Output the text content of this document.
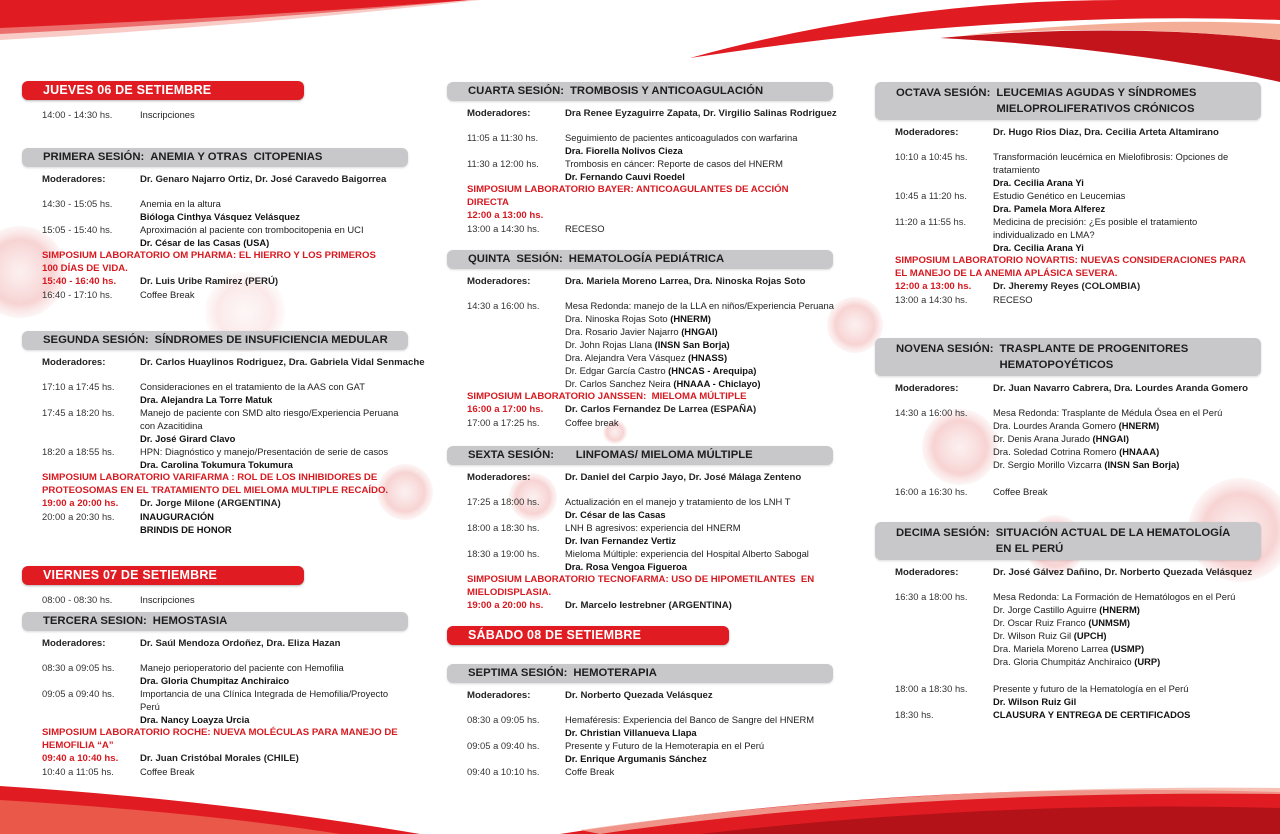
JUEVES 06 DE SETIEMBRE
14:00 - 14:30 hs.	Inscripciones
PRIMERA SESIÓN: ANEMIA Y OTRAS  CITOPENIAS
Moderadores:	Dr. Genaro Najarro Ortiz, Dr. José Caravedo Baigorrea
14:30 - 15:05 hs.	Anemia en la altura
Bióloga Cinthya Vásquez Velásquez
15:05 - 15:40 hs.	Aproximación al paciente con trombocitopenia en UCI
Dr. César de las Casas (USA)
SIMPOSIUM LABORATORIO OM PHARMA: EL HIERRO Y LOS PRIMEROS
100 DÍAS DE VIDA.
15:40 - 16:40 hs.	Dr. Luis Uribe Ramirez (PERÚ)
16:40 - 17:10 hs.	Coffee Break
SEGUNDA SESIÓN: SÍNDROMES DE INSUFICIENCIA MEDULAR
Moderadores:	Dr. Carlos Huaylinos Rodriguez, Dra. Gabriela Vidal Senmache
17:10 a 17:45 hs.	Consideraciones en el tratamiento de la AAS con GAT
Dra. Alejandra La Torre Matuk
17:45 a 18:20 hs.	Manejo de paciente con SMD alto riesgo/Experiencia Peruana
con Azacitidina
Dr. José Girard Clavo
18:20 a 18:55 hs.	HPN: Diagnóstico y manejo/Presentación de serie de casos
Dra. Carolina Tokumura Tokumura
SIMPOSIUM LABORATORIO VARIFARMA : ROL DE LOS INHIBIDORES DE
PROTEOSOMAS EN EL TRATAMIENTO DEL MIELOMA MULTIPLE RECAÍDO.
19:00 a 20:00 hs.	Dr. Jorge Milone (ARGENTINA)
20:00 a 20:30 hs.	INAUGURACIÓN
BRINDIS DE HONOR
VIERNES 07 DE SETIEMBRE
08:00 - 08:30 hs.	Inscripciones
TERCERA SESION: HEMOSTASIA
Moderadores:	Dr. Saúl Mendoza Ordoñez, Dra. Eliza Hazan
08:30 a 09:05 hs.	Manejo perioperatorio del paciente con Hemofilia
Dra. Gloria Chumpitaz Anchiraico
09:05 a 09:40 hs.	Importancia de una Clínica Integrada de Hemofilia/Proyecto
Perú
Dra. Nancy Loayza Urcia
SIMPOSIUM LABORATORIO ROCHE: NUEVA MOLÉCULAS PARA MANEJO DE
HEMOFILIA “A”
09:40 a 10:40 hs.	Dr. Juan Cristóbal Morales (CHILE)
10:40 a 11:05 hs.	Coffee Break
CUARTA SESIÓN: TROMBOSIS Y ANTICOAGULACIÓN
Moderadores:	Dra Renee Eyzaguirre Zapata, Dr. Virgilio Salinas Rodriguez
11:05 a 11:30 hs.	Seguimiento de pacientes anticoagulados con warfarina
Dra. Fiorella Nolivos Cieza
11:30 a 12:00 hs.	Trombosis en cáncer: Reporte de casos del HNERM
Dr. Fernando Cauvi Roedel
SIMPOSIUM LABORATORIO BAYER: ANTICOAGULANTES DE ACCIÓN
DIRECTA
12:00 a 13:00 hs.
13:00 a 14:30 hs.	RECESO
QUINTA  SESIÓN: HEMATOLOGÍA PEDIÁTRICA
Moderadores:	Dra. Mariela Moreno Larrea, Dra. Ninoska Rojas Soto
14:30 a 16:00 hs.	Mesa Redonda: manejo de la LLA en niños/Experiencia Peruana
Dra. Ninoska Rojas Soto (HNERM)
Dra. Rosario Javier Najarro (HNGAI)
Dr. John Rojas Llana (INSN San Borja)
Dra. Alejandra Vera Vásquez (HNASS)
Dr. Edgar García Castro (HNCAS - Arequipa)
Dr. Carlos Sanchez Neira (HNAAA - Chiclayo)
SIMPOSIUM LABORATORIO JANSSEN:  MIELOMA MÚLTIPLE
16:00 a 17:00 hs.	Dr. Carlos Fernandez De Larrea (ESPAÑA)
17:00 a 17:25 hs.	Coffee break
SEXTA SESIÓN: LINFOMAS/ MIELOMA MÚLTIPLE
Moderadores:	Dr. Daniel del Carpio Jayo, Dr. José Málaga Zenteno
17:25 a 18:00 hs.	Actualización en el manejo y tratamiento de los LNH T
Dr. César de las Casas
18:00 a 18:30 hs.	LNH B agresivos: experiencia del HNERM
Dr. Ivan Fernandez Vertiz
18:30 a 19:00 hs.	Mieloma Múltiple: experiencia del Hospital Alberto Sabogal
Dra. Rosa Vengoa Figueroa
SIMPOSIUM LABORATORIO TECNOFARMA: USO DE HIPOMETILANTES  EN
MIELODISPLASIA.
19:00 a 20:00 hs.	Dr. Marcelo Iestrebner (ARGENTINA)
SÁBADO 08 DE SETIEMBRE
SEPTIMA SESIÓN: HEMOTERAPIA
Moderadores:	Dr. Norberto Quezada Velásquez
08:30 a 09:05 hs.	Hemaféresis: Experiencia del Banco de Sangre del HNERM
Dr. Christian Villanueva Llapa
09:05 a 09:40 hs.	Presente y Futuro de la Hemoterapia en el Perú
Dr. Enrique Argumanis Sánchez
09:40 a 10:10 hs.	Coffe Break
OCTAVA SESIÓN: LEUCEMIAS AGUDAS Y SÍNDROMES
MIELOPROLIFERATIVOS CRÓNICOS
Moderadores:	Dr. Hugo Rios Diaz, Dra. Cecilia Arteta Altamirano
10:10 a 10:45 hs.	Transformación leucémica en Mielofibrosis: Opciones de
tratamiento
Dra. Cecilia Arana Yi
10:45 a 11:20 hs.	Estudio Genético en Leucemias
Dra. Pamela Mora Alferez
11:20 a 11:55 hs.	Medicina de precisión: ¿Es posible el tratamiento
individualizado en LMA?
Dra. Cecilia Arana Yi
SIMPOSIUM LABORATORIO NOVARTIS: NUEVAS CONSIDERACIONES PARA
EL MANEJO DE LA ANEMIA APLÁSICA SEVERA.
12:00 a 13:00 hs.	Dr. Jheremy Reyes (COLOMBIA)
13:00 a 14:30 hs.	RECESO
NOVENA SESIÓN: TRASPLANTE DE PROGENITORES
HEMATOPOYÉTICOS
Moderadores:	Dr. Juan Navarro Cabrera, Dra. Lourdes Aranda Gomero
14:30 a 16:00 hs.	Mesa Redonda: Trasplante de Médula Ósea en el Perú
Dra. Lourdes Aranda Gomero (HNERM)
Dr. Denis Arana Jurado (HNGAI)
Dra. Soledad Cotrina Romero (HNAAA)
Dr. Sergio Morillo Vizcarra (INSN San Borja)
16:00 a 16:30 hs.	Coffee Break
DECIMA SESIÓN: SITUACIÓN ACTUAL DE LA HEMATOLOGÍA
EN EL PERÚ
Moderadores:	Dr. José Gálvez Dañino, Dr. Norberto Quezada Velásquez
16:30 a 18:00 hs.	Mesa Redonda: La Formación de Hematólogos en el Perú
Dr. Jorge Castillo Aguirre (HNERM)
Dr. Oscar Ruiz Franco (UNMSM)
Dr. Wilson Ruiz Gil (UPCH)
Dra. Mariela Moreno Larrea (USMP)
Dra. Gloria Chumpitáz Anchiraico (URP)
18:00 a 18:30 hs.	Presente y futuro de la Hematología en el Perú
Dr. Wilson Ruiz Gil
18:30 hs.	CLAUSURA Y ENTREGA DE CERTIFICADOS
